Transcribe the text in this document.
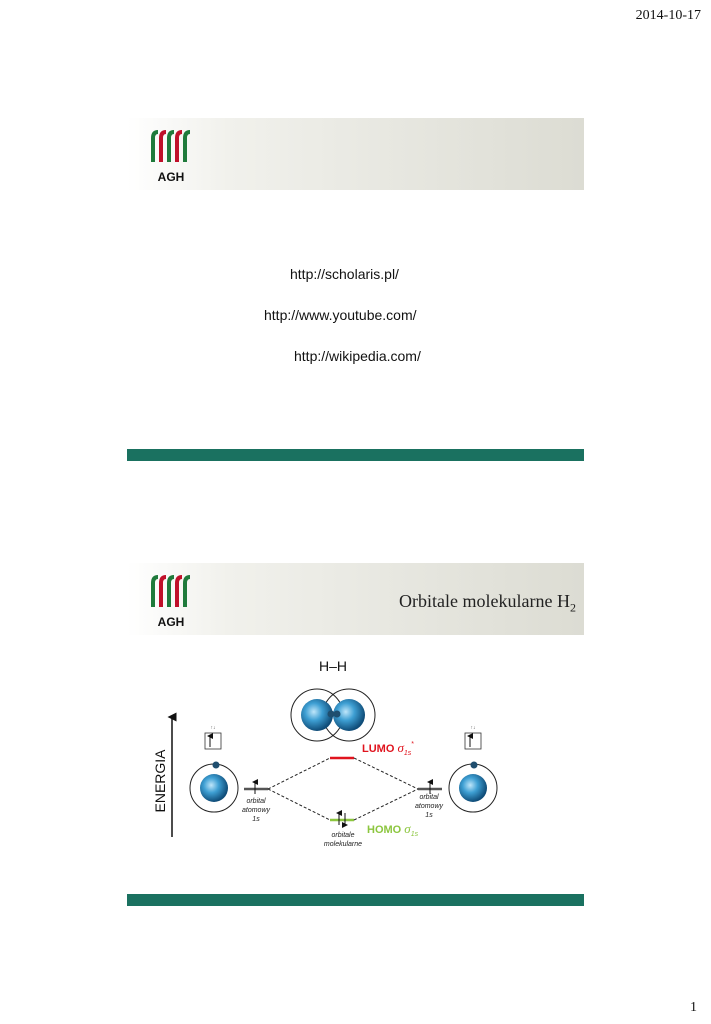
2014-10-17
AGH
http://scholaris.pl/
http://www.youtube.com/
http://wikipedia.com/
AGH
Orbitale molekularne $H_2$
H–H
ENERGIA
↑↓	↑↓
LUMO $\sigma_{1s}^*$
HOMO $\sigma_{1s}$
orbital
atomowy
1s
orbital
atomowy
1s
orbitale
molekularne
1
